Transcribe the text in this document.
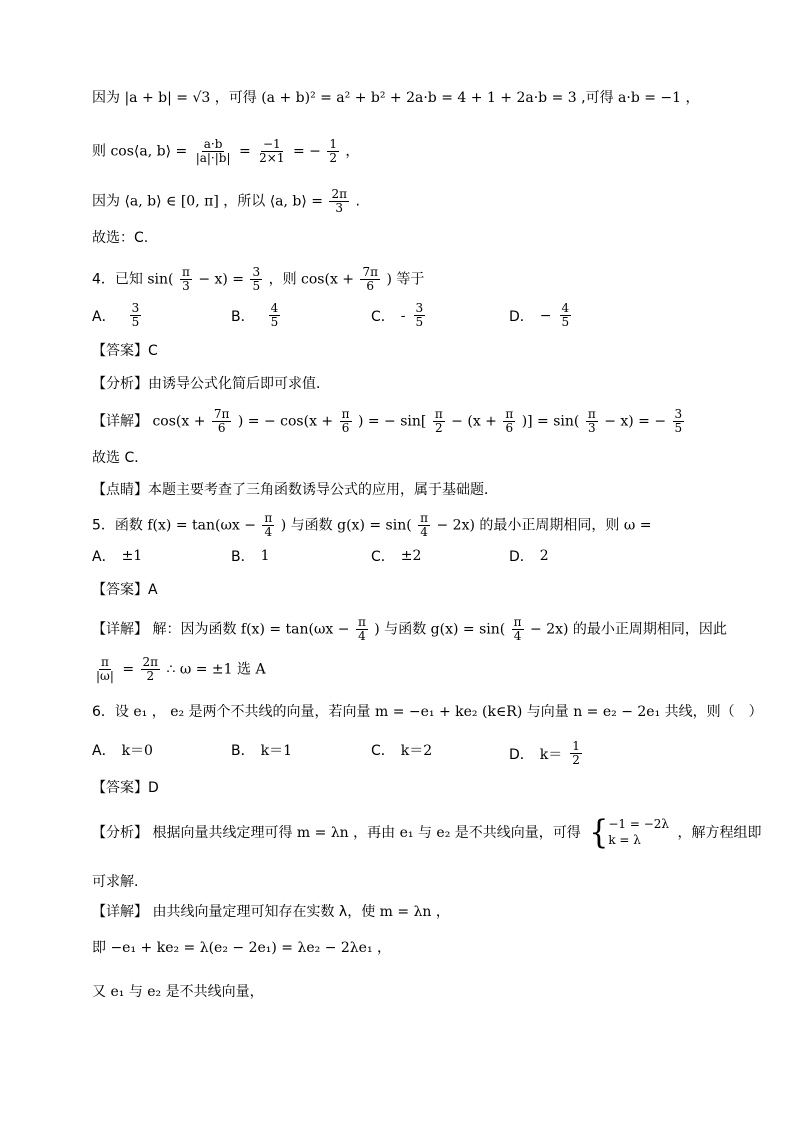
因为 |a + b| = √3 ，可得 (a + b)² = a² + b² + 2a·b = 4 + 1 + 2a·b = 3 ,可得 a·b = −1 ，
则 cos⟨a, b⟩ = $\frac{a\cdot b}{|a|\cdot|b|} = \frac{-1}{2\times 1}$ = − $\frac{1}{2}$ ，
因为 ⟨a, b⟩ ∈ [0, π] ，所以 ⟨a, b⟩ = $\frac{2\pi}{3}$ .
故选：C.
4．已知 $\sin( \frac{\pi}{3} - x) = \frac{3}{5}$ ，则 $\cos(x + \frac{7\pi}{6}$ ) 等于
A． $\frac{3}{5}$	B． $\frac{4}{5}$	C． - $\frac{3}{5}$	D． − $\frac{4}{5}$
【答案】C
【分析】由诱导公式化简后即可求值．
【详解】 $\cos(x + \frac{7\pi}{6}$ ) = − $\cos(x + \frac{\pi}{6}$ ) = − $\sin[ \frac{\pi}{2} - (x + \frac{\pi}{6}$ )] = $\sin( \frac{\pi}{3} - x)$ = − $\frac{3}{5}$
故选 C．
【点睛】本题主要考查了三角函数诱导公式的应用，属于基础题．
5．函数 $f(x) = \tan(\omega x - \frac{\pi}{4}$ ) 与函数 $g(x) = \sin( \frac{\pi}{4} - 2x)$ 的最小正周期相同，则 ω =
A． ±1	B． 1	C． ±2	D． 2
【答案】A
【详解】 解：因为函数 $f(x) = \tan(\omega x - \frac{\pi}{4}$ ) 与函数 $g(x) = \sin( \frac{\pi}{4} - 2x)$ 的最小正周期相同，因此
$\frac{\pi}{|\omega|} = \frac{2\pi}{2}$ ∴ ω = ±1 选 A
6．设 e₁ ， e₂ 是两个不共线的向量，若向量 m = −e₁ + ke₂ (k∈R) 与向量 n = e₂ − 2e₁ 共线，则（　）
A． k＝0	B． k＝1	C． k＝2	D． $k= \frac{1}{2}$
【答案】D
【分析】 根据向量共线定理可得 m = λn ，再由 e₁ 与 e₂ 是不共线向量，可得 { −1 = −2λ
k = λ	，解方程组即
可求解.
【详解】 由共线向量定理可知存在实数 λ，使 m = λn ，
即 −e₁ + ke₂ = λ(e₂ − 2e₁) = λe₂ − 2λe₁ ，
又 e₁ 与 e₂ 是不共线向量，
